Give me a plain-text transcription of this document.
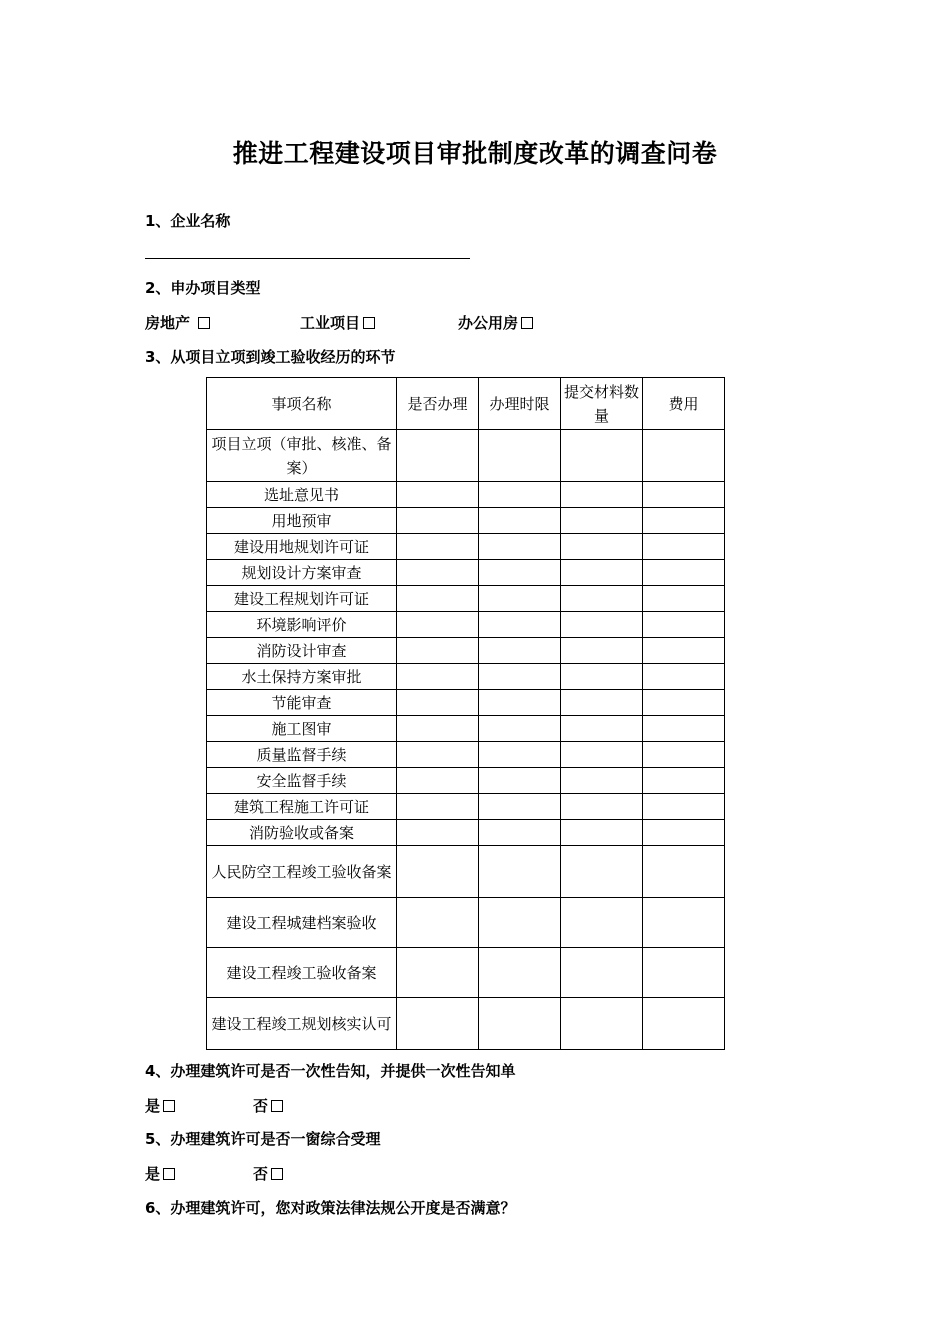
推进工程建设项目审批制度改革的调查问卷
1、企业名称
2、申办项目类型
房地产	工业项目	办公用房
3、从项目立项到竣工验收经历的环节
事项名称	是否办理	办理时限	提交材料数量	费用
项目立项（审批、核准、备案）				
选址意见书				
用地预审				
建设用地规划许可证				
规划设计方案审查				
建设工程规划许可证				
环境影响评价				
消防设计审查				
水土保持方案审批				
节能审查				
施工图审				
质量监督手续				
安全监督手续				
建筑工程施工许可证				
消防验收或备案				
人民防空工程竣工验收备案				
建设工程城建档案验收				
建设工程竣工验收备案				
建设工程竣工规划核实认可				
4、办理建筑许可是否一次性告知，并提供一次性告知单
是	否
5、办理建筑许可是否一窗综合受理
是	否
6、办理建筑许可，您对政策法律法规公开度是否满意？
